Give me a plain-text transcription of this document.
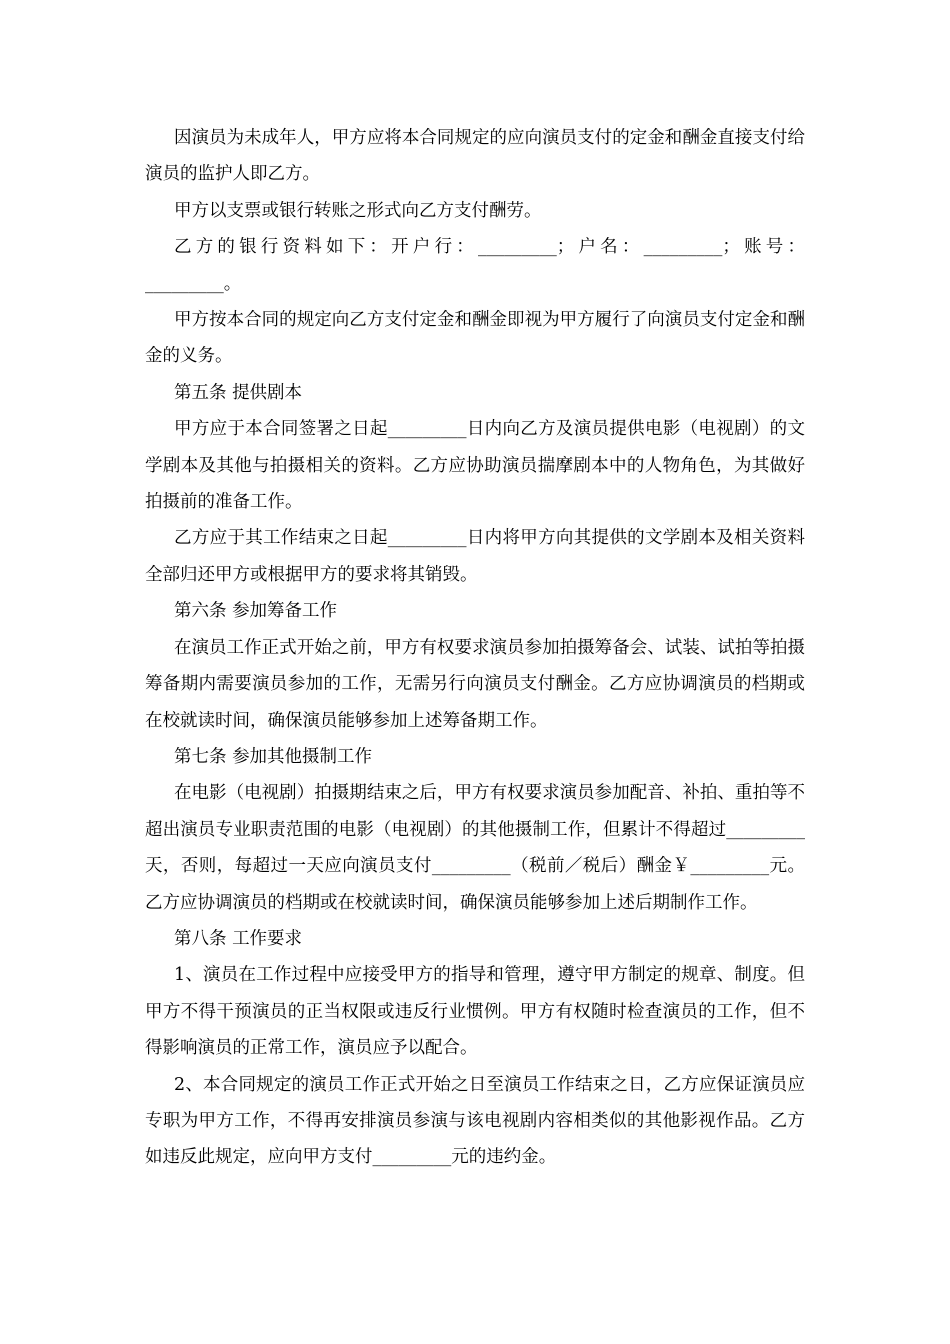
因演员为未成年人，甲方应将本合同规定的应向演员支付的定金和酬金直接支付给演员的监护人即乙方。

甲方以支票或银行转账之形式向乙方支付酬劳。

乙方的银行资料如下：开户行：_________；户名：_________；账号：_________。

甲方按本合同的规定向乙方支付定金和酬金即视为甲方履行了向演员支付定金和酬金的义务。

第五条 提供剧本

甲方应于本合同签署之日起_________日内向乙方及演员提供电影（电视剧）的文学剧本及其他与拍摄相关的资料。乙方应协助演员揣摩剧本中的人物角色，为其做好拍摄前的准备工作。

乙方应于其工作结束之日起_________日内将甲方向其提供的文学剧本及相关资料全部归还甲方或根据甲方的要求将其销毁。

第六条 参加筹备工作

在演员工作正式开始之前，甲方有权要求演员参加拍摄筹备会、试装、试拍等拍摄筹备期内需要演员参加的工作，无需另行向演员支付酬金。乙方应协调演员的档期或在校就读时间，确保演员能够参加上述筹备期工作。

第七条 参加其他摄制工作

在电影（电视剧）拍摄期结束之后，甲方有权要求演员参加配音、补拍、重拍等不超出演员专业职责范围的电影（电视剧）的其他摄制工作，但累计不得超过_________天，否则，每超过一天应向演员支付_________（税前／税后）酬金￥_________元。乙方应协调演员的档期或在校就读时间，确保演员能够参加上述后期制作工作。

第八条 工作要求

1、演员在工作过程中应接受甲方的指导和管理，遵守甲方制定的规章、制度。但甲方不得干预演员的正当权限或违反行业惯例。甲方有权随时检查演员的工作，但不得影响演员的正常工作，演员应予以配合。

2、本合同规定的演员工作正式开始之日至演员工作结束之日，乙方应保证演员应专职为甲方工作，不得再安排演员参演与该电视剧内容相类似的其他影视作品。乙方如违反此规定，应向甲方支付_________元的违约金。
